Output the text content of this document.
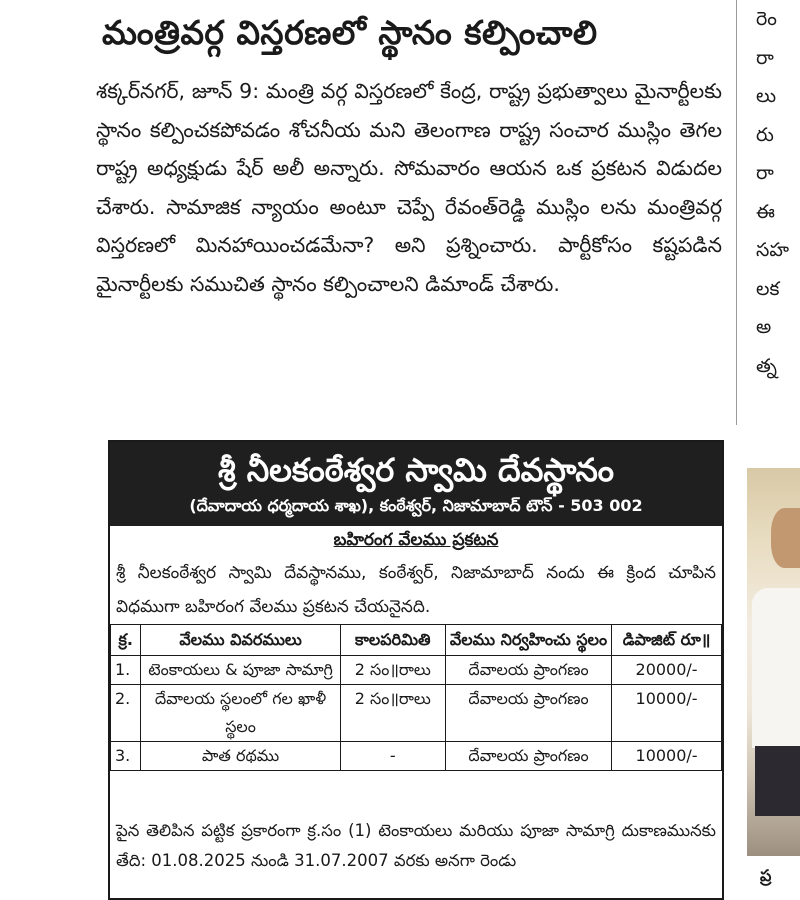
మంత్రివర్గ విస్తరణలో స్థానం కల్పించాలి
శక్కర్‌నగర్, జూన్ 9: మంత్రి వర్గ విస్తరణలో కేంద్ర, రాష్ట్ర ప్రభుత్వాలు మైనార్టీలకు స్థానం కల్పించకపోవడం శోచనీయ మని తెలంగాణ రాష్ట్ర సంచార ముస్లిం తెగల రాష్ట్ర అధ్యక్షుడు షేర్ అలీ అన్నారు. సోమవారం ఆయన ఒక ప్రకటన విడుదల చేశారు. సామాజిక న్యాయం అంటూ చెప్పే రేవంత్‌రెడ్డి ముస్లిం లను మంత్రివర్గ విస్తరణలో మినహాయించడమేనా? అని ప్రశ్నించారు. పార్టీకోసం కష్టపడిన మైనార్టీలకు సముచిత స్థానం కల్పించాలని డిమాండ్ చేశారు.
రెం
రా
లు
రు
రా
ఈ
సహ
లక
అ
త్న
ప్ర
శ్రీ నీలకంఠేశ్వర స్వామి దేవస్థానం
(దేవాదాయ ధర్మదాయ శాఖ), కంఠేశ్వర్, నిజామాబాద్ టౌన్ - 503 002
బహిరంగ వేలము ప్రకటన
శ్రీ నీలకంఠేశ్వర స్వామి దేవస్థానము, కంఠేశ్వర్, నిజామాబాద్ నందు ఈ క్రింద చూపిన విధముగా బహిరంగ వేలము ప్రకటన చేయనైనది.
క్ర.	వేలము వివరములు	కాలపరిమితి	వేలము నిర్వహించు స్థలం	డిపాజిట్ రూ॥
1.	టెంకాయలు & పూజా సామాగ్రి	2 సం॥రాలు	దేవాలయ ప్రాంగణం	20000/-
2.	దేవాలయ స్థలంలో గల ఖాళీ స్థలం	2 సం॥రాలు	దేవాలయ ప్రాంగణం	10000/-
3.	పాత రథము	-	దేవాలయ ప్రాంగణం	10000/-
పైన తెలిపిన పట్టిక ప్రకారంగా క్ర.సం (1) టెంకాయలు మరియు పూజా సామాగ్రి దుకాణమునకు తేది: 01.08.2025 నుండి 31.07.2007 వరకు అనగా రెండు
